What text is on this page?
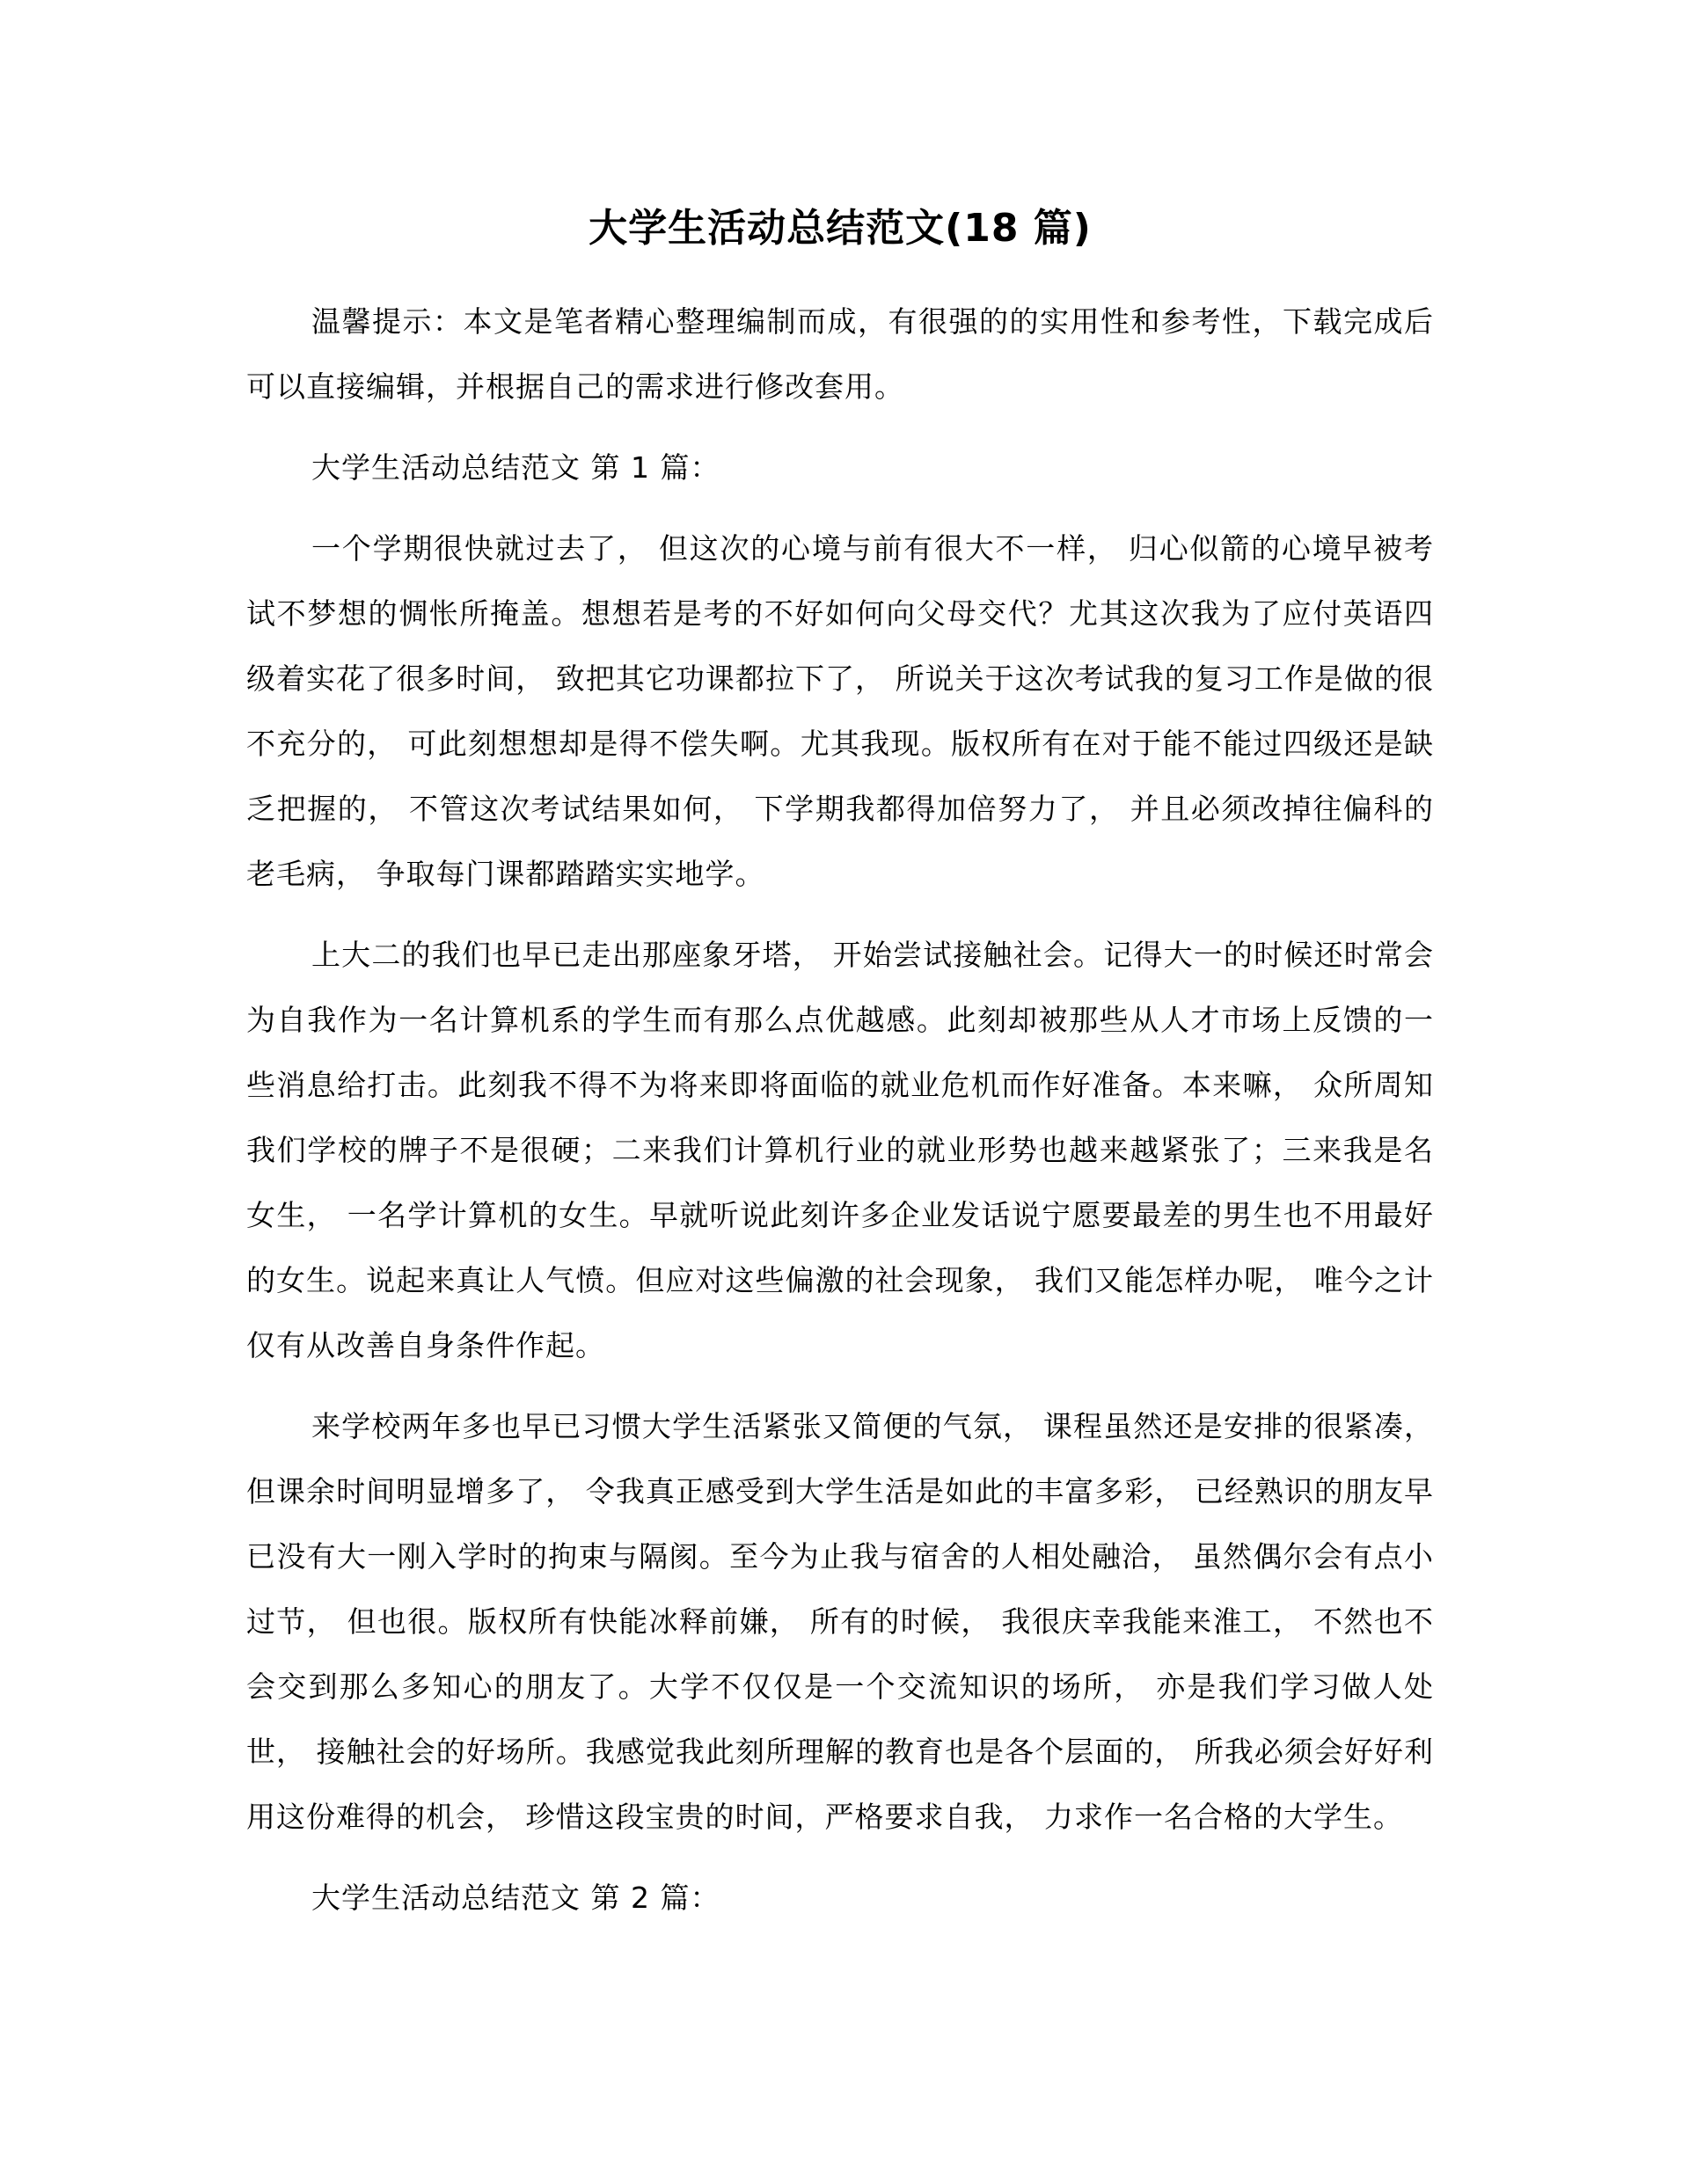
大学生活动总结范文(18 篇)

温馨提示：本文是笔者精心整理编制而成，有很强的的实用性和参考性，下载完成后可以直接编辑，并根据自己的需求进行修改套用。

大学生活动总结范文 第 1 篇：

一个学期很快就过去了， 但这次的心境与前有很大不一样， 归心似箭的心境早被考试不梦想的惆怅所掩盖。想想若是考的不好如何向父母交代？尤其这次我为了应付英语四级着实花了很多时间， 致把其它功课都拉下了， 所说关于这次考试我的复习工作是做的很不充分的， 可此刻想想却是得不偿失啊。尤其我现。版权所有在对于能不能过四级还是缺乏把握的， 不管这次考试结果如何， 下学期我都得加倍努力了， 并且必须改掉往偏科的老毛病， 争取每门课都踏踏实实地学。

上大二的我们也早已走出那座象牙塔， 开始尝试接触社会。记得大一的时候还时常会为自我作为一名计算机系的学生而有那么点优越感。此刻却被那些从人才市场上反馈的一些消息给打击。此刻我不得不为将来即将面临的就业危机而作好准备。本来嘛， 众所周知我们学校的牌子不是很硬；二来我们计算机行业的就业形势也越来越紧张了；三来我是名女生， 一名学计算机的女生。早就听说此刻许多企业发话说宁愿要最差的男生也不用最好的女生。说起来真让人气愤。但应对这些偏激的社会现象， 我们又能怎样办呢， 唯今之计仅有从改善自身条件作起。

来学校两年多也早已习惯大学生活紧张又简便的气氛， 课程虽然还是安排的很紧凑， 但课余时间明显增多了， 令我真正感受到大学生活是如此的丰富多彩， 已经熟识的朋友早已没有大一刚入学时的拘束与隔阂。至今为止我与宿舍的人相处融洽， 虽然偶尔会有点小过节， 但也很。版权所有快能冰释前嫌， 所有的时候， 我很庆幸我能来淮工， 不然也不会交到那么多知心的朋友了。大学不仅仅是一个交流知识的场所， 亦是我们学习做人处世， 接触社会的好场所。我感觉我此刻所理解的教育也是各个层面的， 所我必须会好好利用这份难得的机会， 珍惜这段宝贵的时间，严格要求自我， 力求作一名合格的大学生。

大学生活动总结范文 第 2 篇：
